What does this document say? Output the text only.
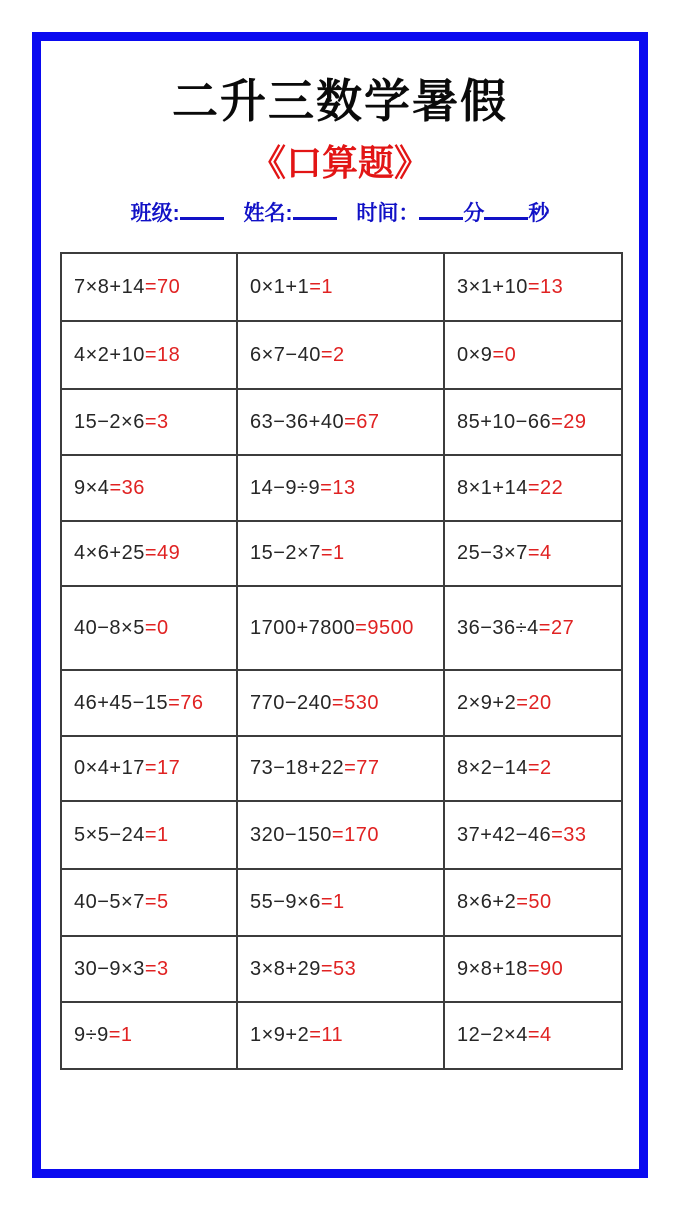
二升三数学暑假
《口算题》
班级:	姓名:	时间： 分 秒
7×8+14=70	0×1+1=1	3×1+10=13
4×2+10=18	6×7−40=2	0×9=0
15−2×6=3	63−36+40=67	85+10−66=29
9×4=36	14−9÷9=13	8×1+14=22
4×6+25=49	15−2×7=1	25−3×7=4
40−8×5=0	1700+7800=9500	36−36÷4=27
46+45−15=76	770−240=530	2×9+2=20
0×4+17=17	73−18+22=77	8×2−14=2
5×5−24=1	320−150=170	37+42−46=33
40−5×7=5	55−9×6=1	8×6+2=50
30−9×3=3	3×8+29=53	9×8+18=90
9÷9=1	1×9+2=11	12−2×4=4
